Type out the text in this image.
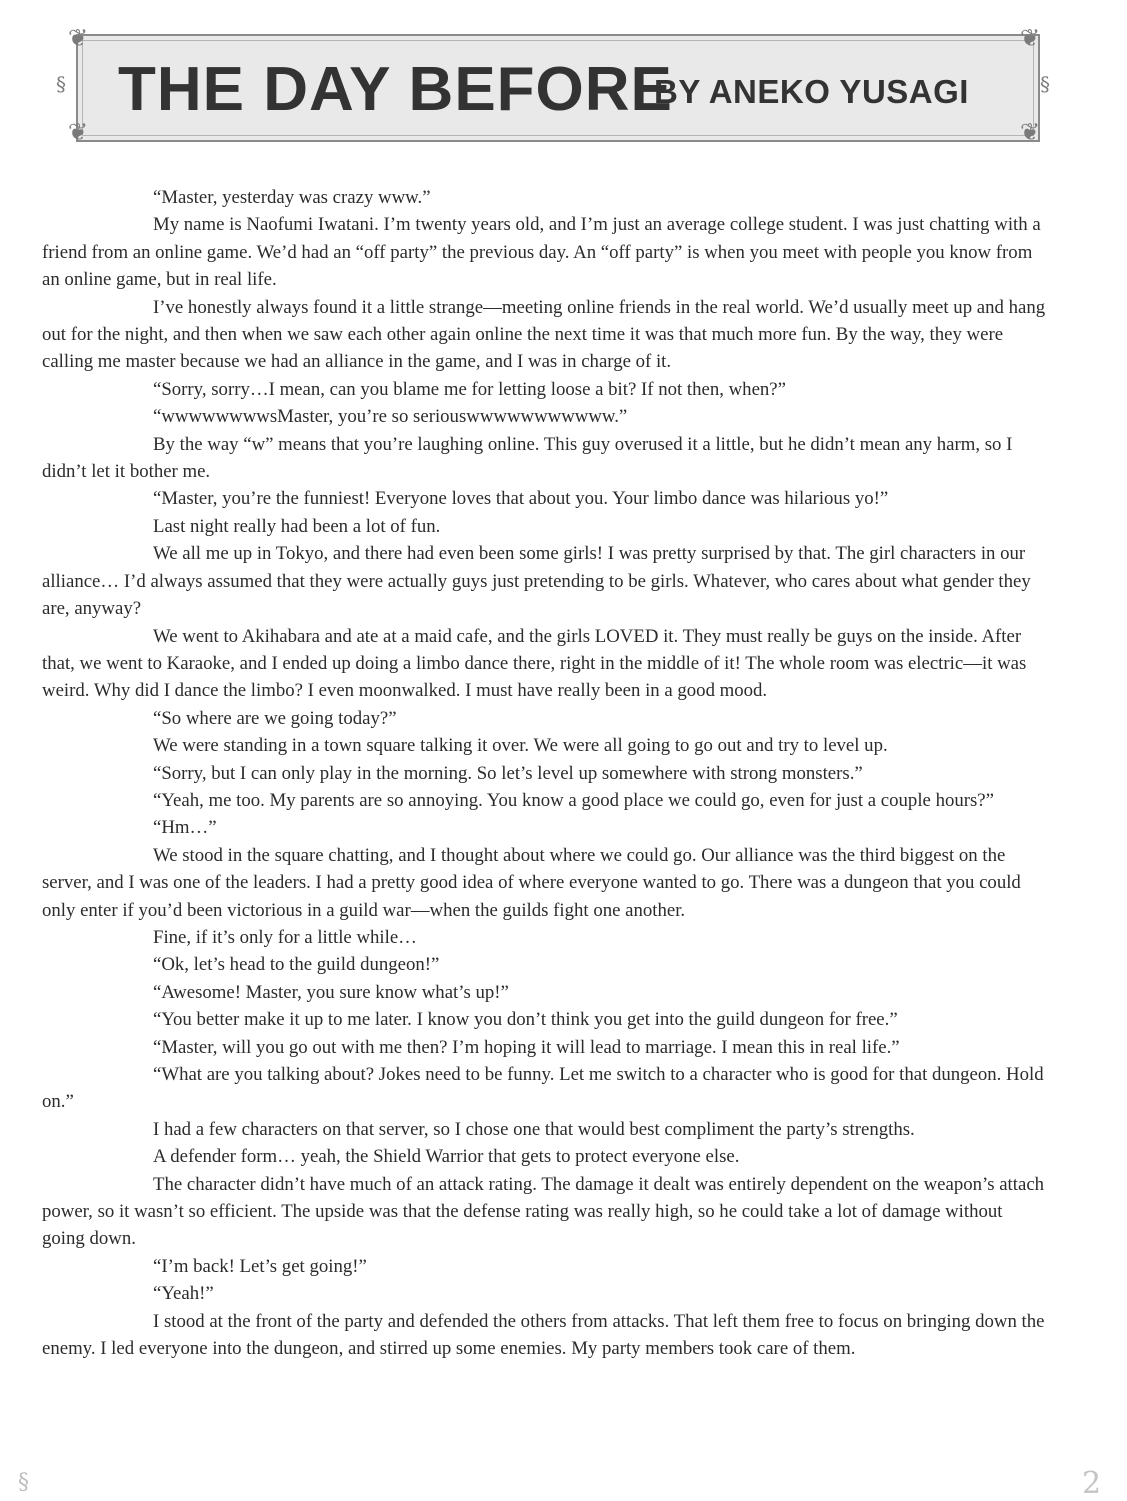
❦	❦
❦	❦
§	§
THE DAY BEFORE
BY ANEKO YUSAGI

“Master, yesterday was crazy www.”

My name is Naofumi Iwatani. I’m twenty years old, and I’m just an average college student. I was just chatting with a friend from an online game. We’d had an “off party” the previous day. An “off party” is when you meet with people you know from an online game, but in real life.

I’ve honestly always found it a little strange—meeting online friends in the real world. We’d usually meet up and hang out for the night, and then when we saw each other again online the next time it was that much more fun. By the way, they were calling me master because we had an alliance in the game, and I was in charge of it.

“Sorry, sorry…I mean, can you blame me for letting loose a bit? If not then, when?”

“wwwwwwwwsMaster, you’re so seriouswwwwwwwwwww.”

By the way “w” means that you’re laughing online. This guy overused it a little, but he didn’t mean any harm, so I didn’t let it bother me.

“Master, you’re the funniest! Everyone loves that about you. Your limbo dance was hilarious yo!”

Last night really had been a lot of fun.

We all me up in Tokyo, and there had even been some girls! I was pretty surprised by that. The girl characters in our alliance… I’d always assumed that they were actually guys just pretending to be girls. Whatever, who cares about what gender they are, anyway?

We went to Akihabara and ate at a maid cafe, and the girls LOVED it. They must really be guys on the inside. After that, we went to Karaoke, and I ended up doing a limbo dance there, right in the middle of it! The whole room was electric—it was weird. Why did I dance the limbo? I even moonwalked. I must have really been in a good mood.

“So where are we going today?”

We were standing in a town square talking it over. We were all going to go out and try to level up.

“Sorry, but I can only play in the morning. So let’s level up somewhere with strong monsters.”

“Yeah, me too. My parents are so annoying. You know a good place we could go, even for just a couple hours?”

“Hm…”

We stood in the square chatting, and I thought about where we could go. Our alliance was the third biggest on the server, and I was one of the leaders. I had a pretty good idea of where everyone wanted to go. There was a dungeon that you could only enter if you’d been victorious in a guild war—when the guilds fight one another.

Fine, if it’s only for a little while…

“Ok, let’s head to the guild dungeon!”

“Awesome! Master, you sure know what’s up!”

“You better make it up to me later. I know you don’t think you get into the guild dungeon for free.”

“Master, will you go out with me then? I’m hoping it will lead to marriage. I mean this in real life.”

“What are you talking about? Jokes need to be funny. Let me switch to a character who is good for that dungeon. Hold on.”

I had a few characters on that server, so I chose one that would best compliment the party’s strengths.

A defender form… yeah, the Shield Warrior that gets to protect everyone else.

The character didn’t have much of an attack rating. The damage it dealt was entirely dependent on the weapon’s attach power, so it wasn’t so efficient. The upside was that the defense rating was really high, so he could take a lot of damage without going down.

“I’m back! Let’s get going!”

“Yeah!”

I stood at the front of the party and defended the others from attacks. That left them free to focus on bringing down the enemy. I led everyone into the dungeon, and stirred up some enemies. My party members took care of them.

§	2
